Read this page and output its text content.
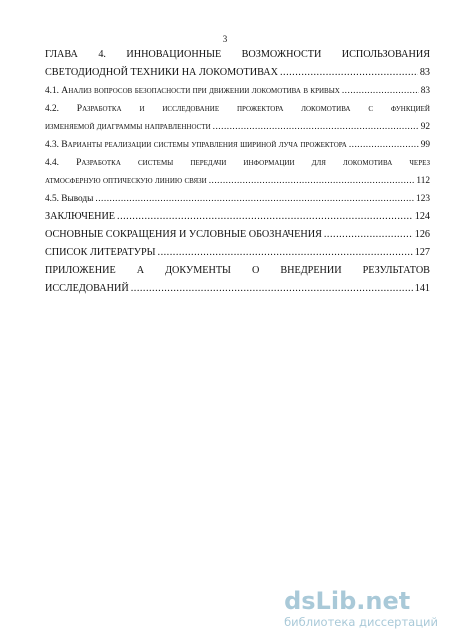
3
ГЛАВА 4. ИННОВАЦИОННЫЕ ВОЗМОЖНОСТИ ИСПОЛЬЗОВАНИЯ
СВЕТОДИОДНОЙ ТЕХНИКИ НА ЛОКОМОТИВАХ .....	83
4.1.
Анализ вопросов безопасности при движении локомотива в кривых .....	83
4.2. Разработка и исследование прожектора локомотива с функцией
изменяемой диаграммы направленности .....	92
4.3.
Варианты реализации системы управления шириной луча прожектора .....	99
4.4. Разработка системы передачи информации для локомотива через
атмосферную оптическую линию связи .....	112
4.5. Выводы .....	123
ЗАКЛЮЧЕНИЕ .....	124
ОСНОВНЫЕ СОКРАЩЕНИЯ И УСЛОВНЫЕ ОБОЗНАЧЕНИЯ .....	126
СПИСОК ЛИТЕРАТУРЫ .....	127
ПРИЛОЖЕНИЕ А ДОКУМЕНТЫ О ВНЕДРЕНИИ РЕЗУЛЬТАТОВ
ИССЛЕДОВАНИЙ .....	141
dsLib.net
библиотека диссертаций
